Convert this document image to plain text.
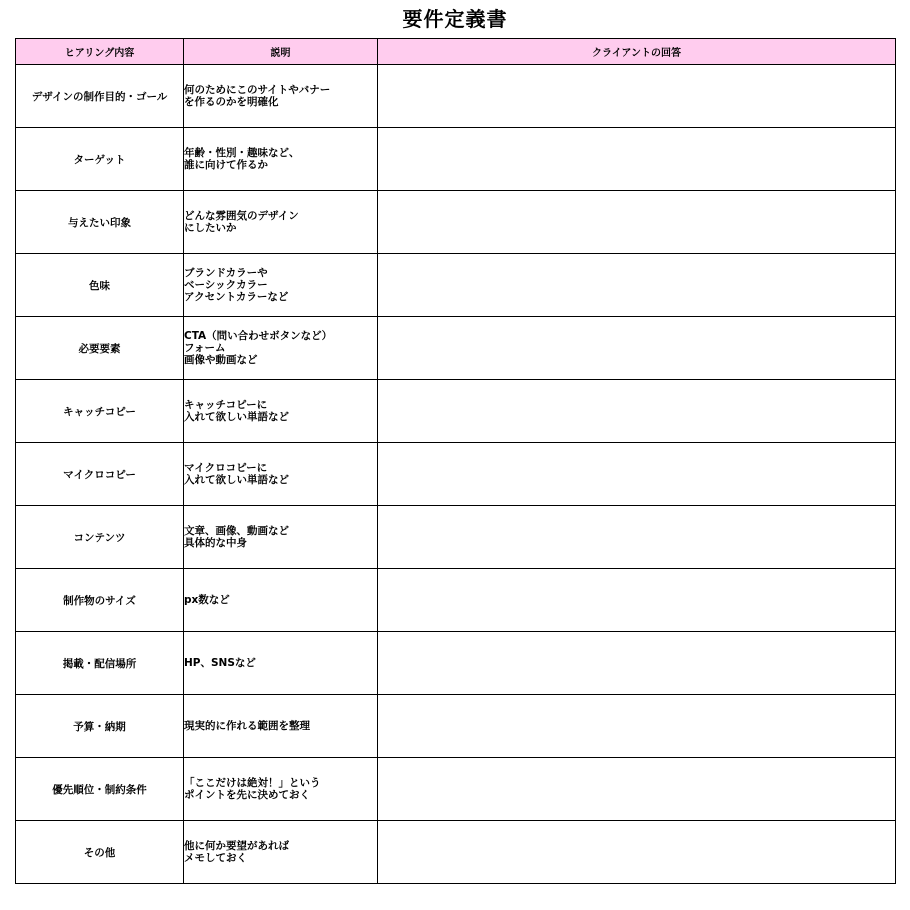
要件定義書
ヒアリング内容	説明	クライアントの回答
デザインの制作目的・ゴール	何のためにこのサイトやバナー
を作るのかを明確化	

ターゲット	年齢・性別・趣味など、
誰に向けて作るか	

与えたい印象	どんな雰囲気のデザイン
にしたいか	

色味	ブランドカラーや
ベーシックカラー
アクセントカラーなど	

必要要素	CTA（問い合わせボタンなど）
フォーム
画像や動画など	

キャッチコピー	キャッチコピーに
入れて欲しい単語など	

マイクロコピー	マイクロコピーに
入れて欲しい単語など	

コンテンツ	文章、画像、動画など
具体的な中身	

制作物のサイズ	px数など	

掲載・配信場所	HP、SNSなど	

予算・納期	現実的に作れる範囲を整理	

優先順位・制約条件	「ここだけは絶対！」という
ポイントを先に決めておく	

その他	他に何か要望があれば
メモしておく	
